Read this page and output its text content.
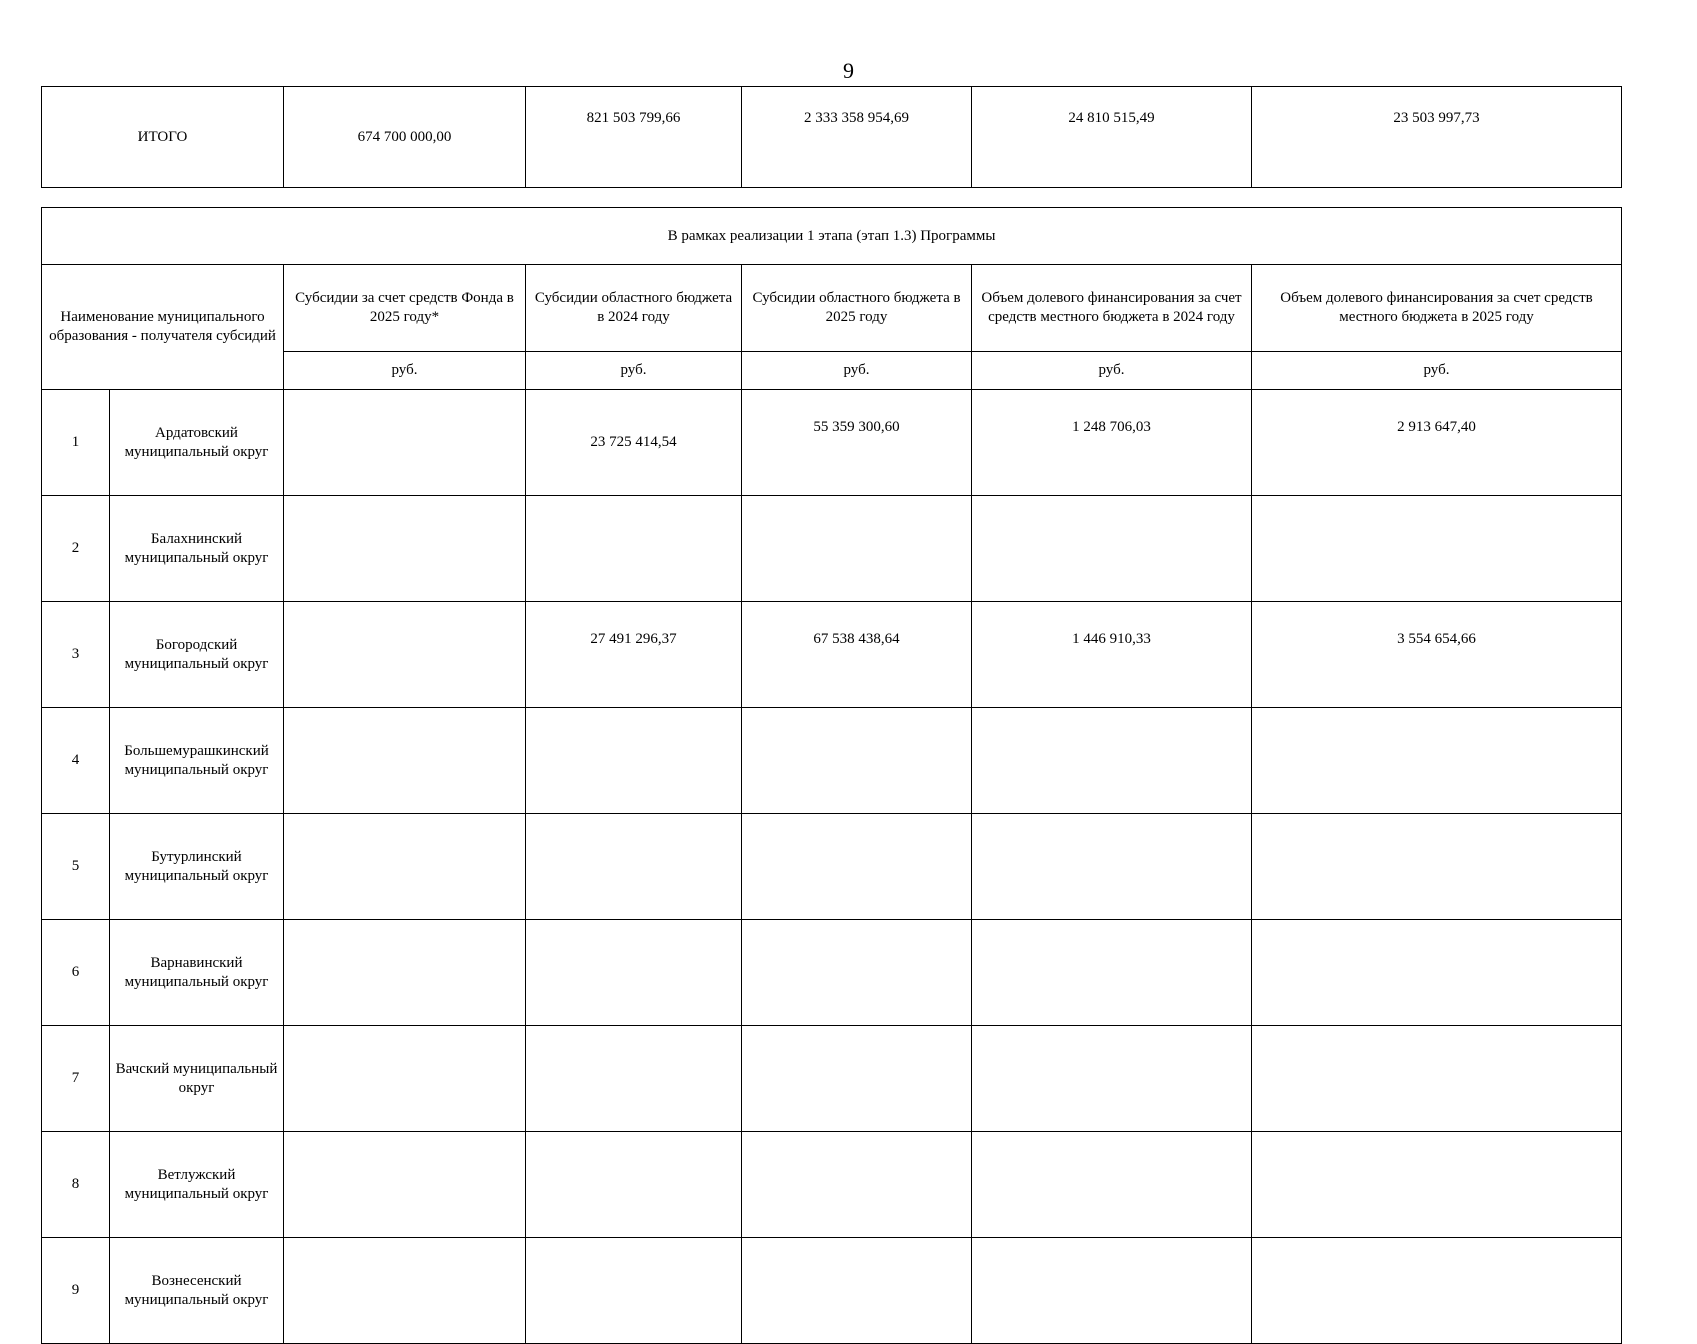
9
ИТОГО	674 700 000,00	821 503 799,66	2 333 358 954,69	24 810 515,49	23 503 997,73
В рамках реализации 1 этапа (этап 1.3) Программы						
Наименование муниципального образования - получателя субсидий		Субсидии за счет средств Фонда в 2025 году*	Субсидии областного бюджета в 2024 году	Субсидии областного бюджета в 2025 году	Объем долевого финансирования за счет средств местного бюджета в 2024 году	Объем долевого финансирования за счет средств местного бюджета в 2025 году
		руб.	руб.	руб.	руб.	руб.
1	Ардатовский муниципальный округ		23 725 414,54	55 359 300,60	1 248 706,03	2 913 647,40
2	Балахнинский муниципальный округ					
3	Богородский муниципальный округ		27 491 296,37	67 538 438,64	1 446 910,33	3 554 654,66
4	Большемурашкинский муниципальный округ					
5	Бутурлинский муниципальный округ					
6	Варнавинский муниципальный округ					
7	Вачский муниципальный округ					
8	Ветлужский муниципальный округ					
9	Вознесенский муниципальный округ					
